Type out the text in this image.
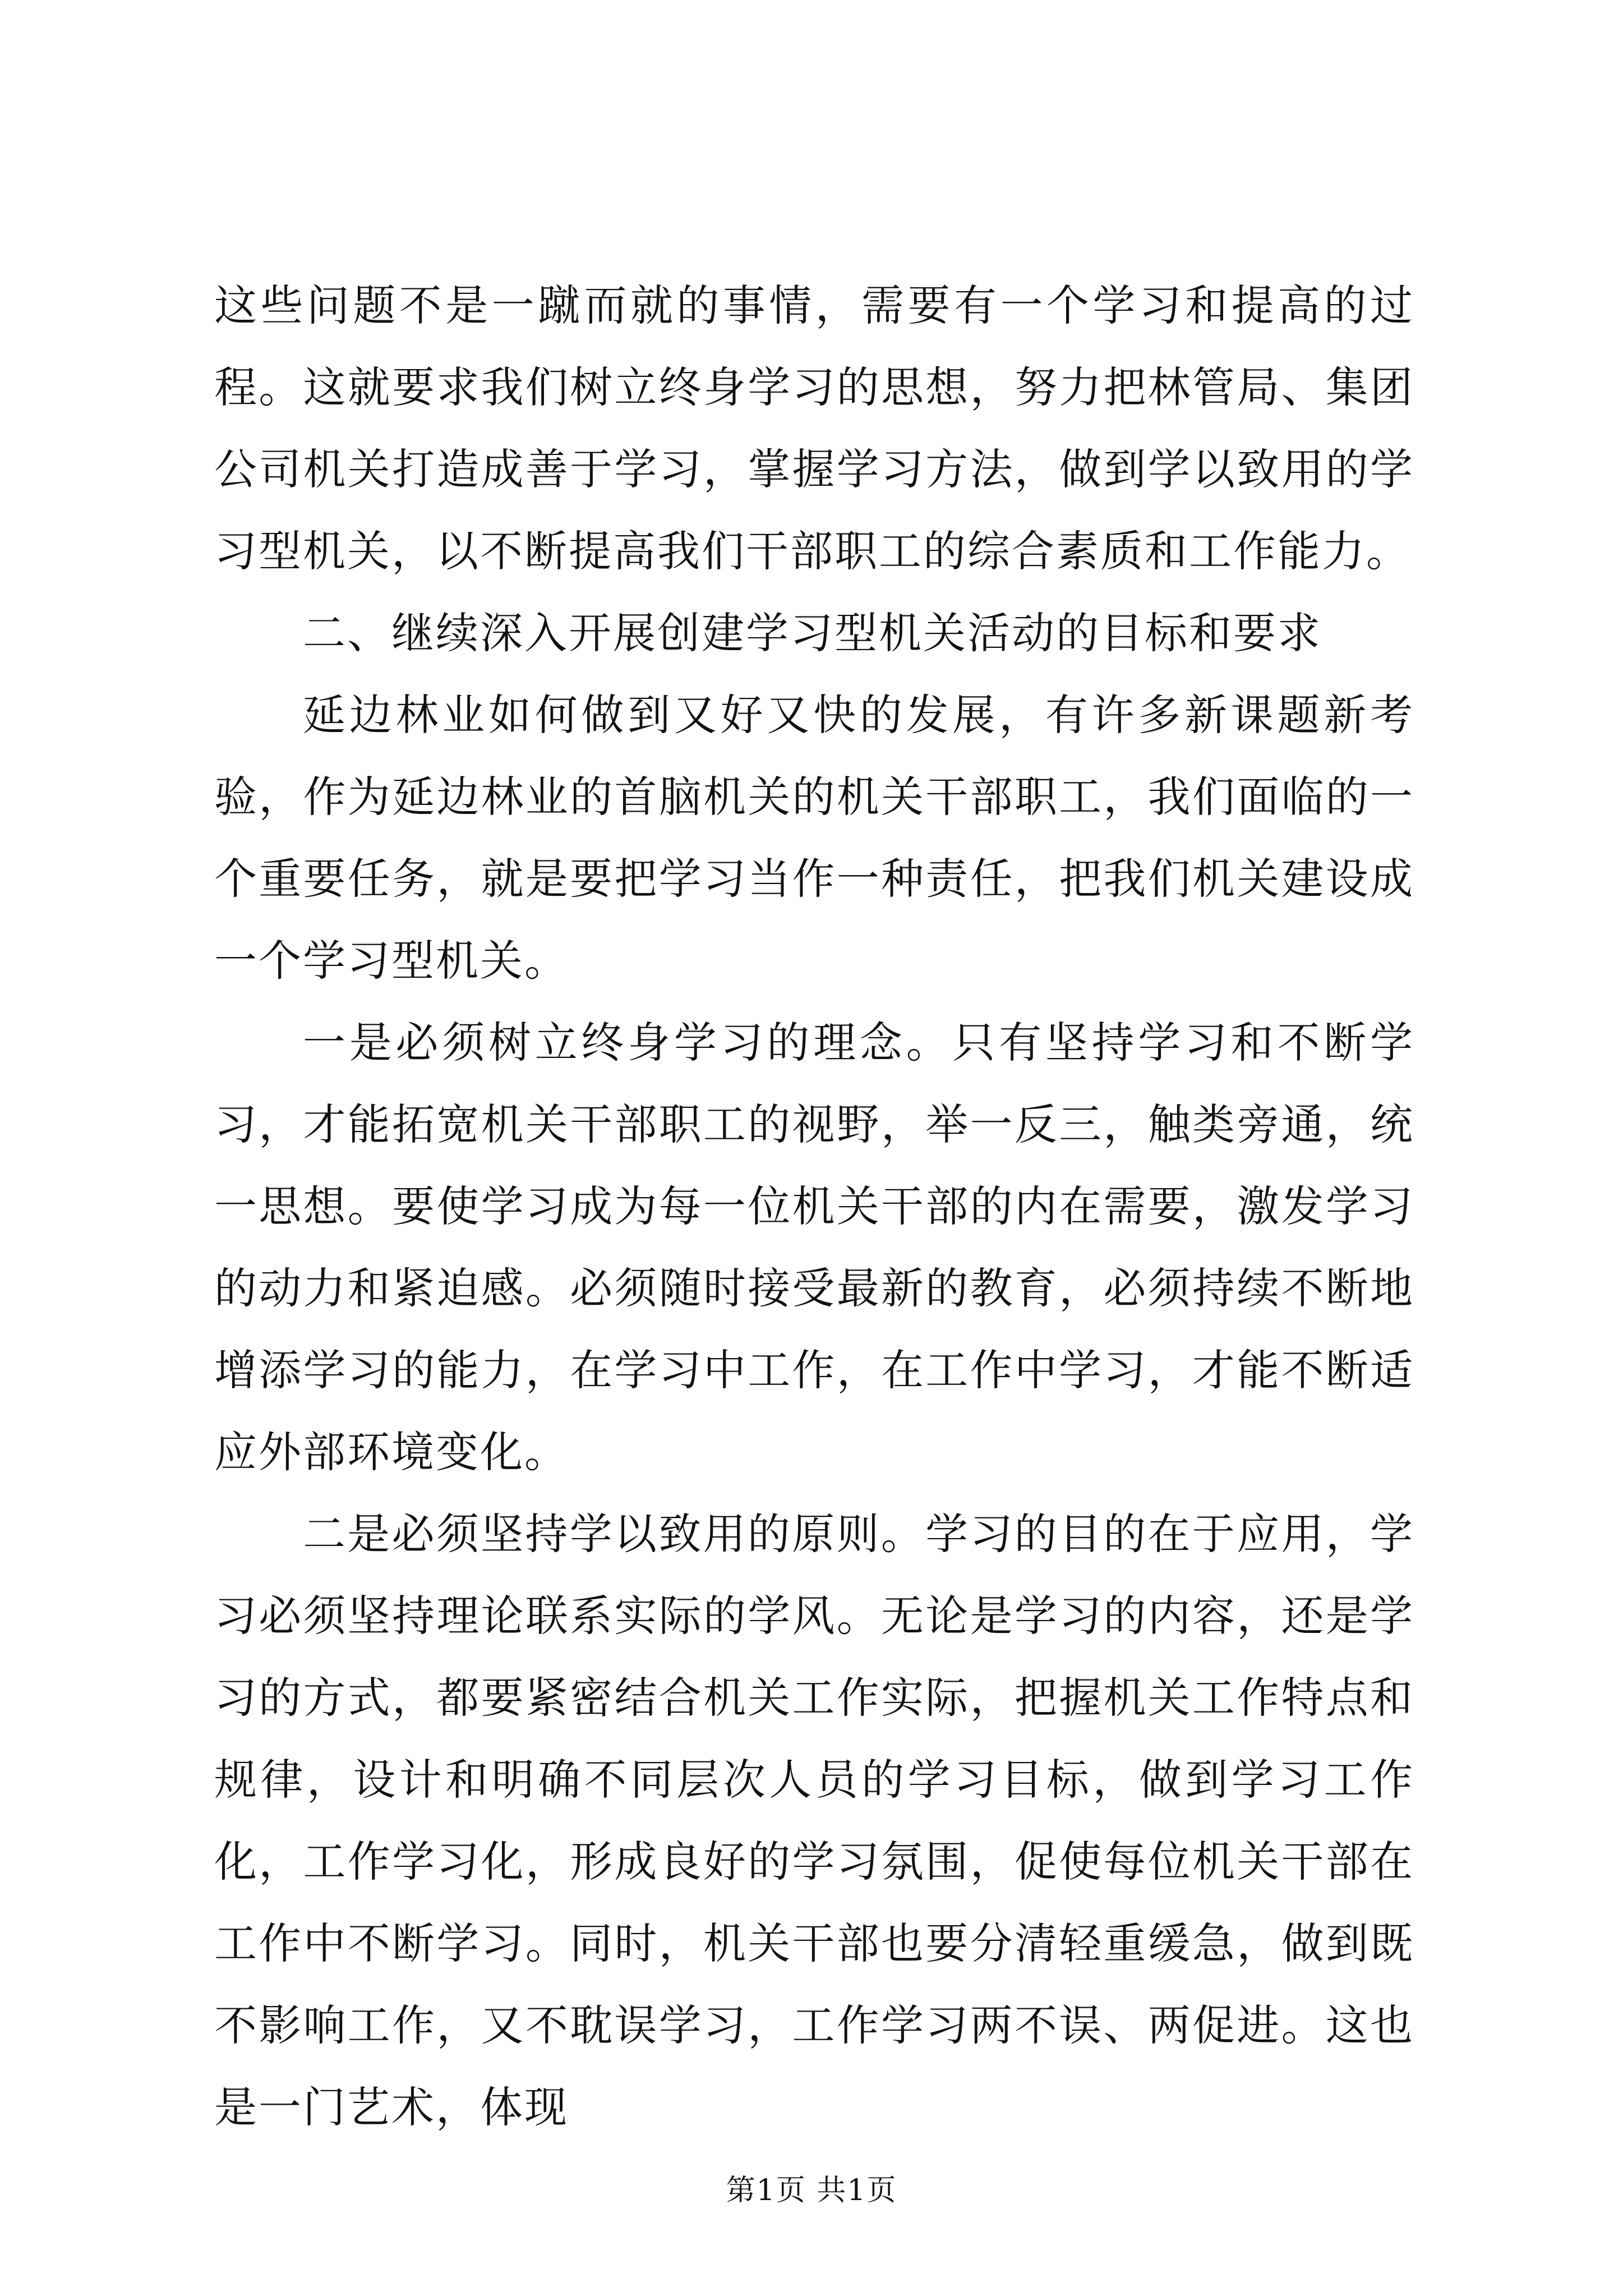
这些问题不是一蹴而就的事情，需要有一个学习和提高的过程。这就要求我们树立终身学习的思想，努力把林管局、集团公司机关打造成善于学习，掌握学习方法，做到学以致用的学习型机关，以不断提高我们干部职工的综合素质和工作能力。

二、继续深入开展创建学习型机关活动的目标和要求

延边林业如何做到又好又快的发展，有许多新课题新考验，作为延边林业的首脑机关的机关干部职工，我们面临的一个重要任务，就是要把学习当作一种责任，把我们机关建设成一个学习型机关。

一是必须树立终身学习的理念。只有坚持学习和不断学习，才能拓宽机关干部职工的视野，举一反三，触类旁通，统一思想。要使学习成为每一位机关干部的内在需要，激发学习的动力和紧迫感。必须随时接受最新的教育，必须持续不断地增添学习的能力，在学习中工作，在工作中学习，才能不断适应外部环境变化。

二是必须坚持学以致用的原则。学习的目的在于应用，学习必须坚持理论联系实际的学风。无论是学习的内容，还是学习的方式，都要紧密结合机关工作实际，把握机关工作特点和规律，设计和明确不同层次人员的学习目标，做到学习工作化，工作学习化，形成良好的学习氛围，促使每位机关干部在工作中不断学习。同时，机关干部也要分清轻重缓急，做到既不影响工作，又不耽误学习，工作学习两不误、两促进。这也是一门艺术，体现

第1页 共1页
